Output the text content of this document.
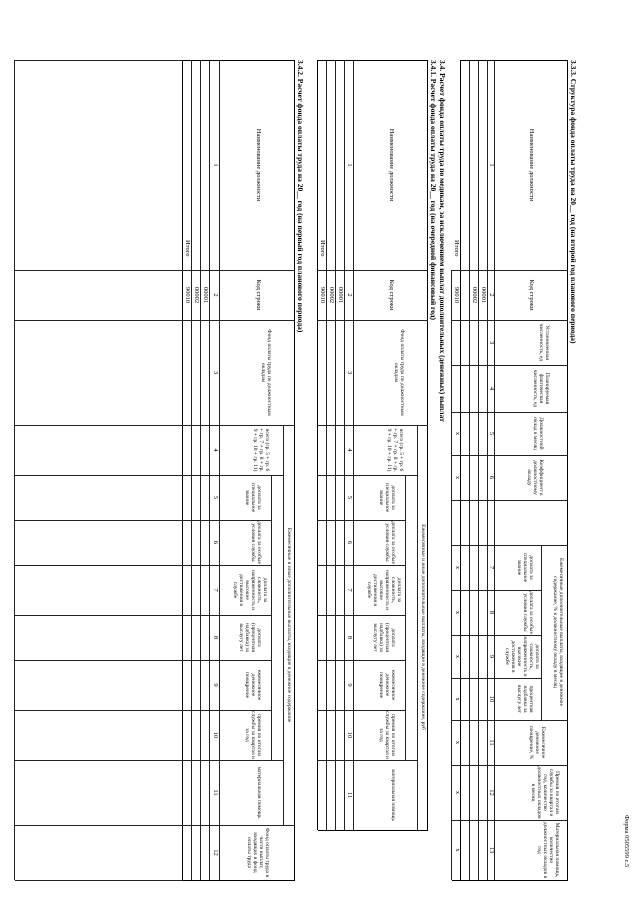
Форма 0505599 с.5
3.3.3. Структура фонда оплаты труда на 20__ год (на второй год планового периода)
Наименование должности
Код строки
Установленная численность, ед
Планируемая фактическая численность, ед
Должностной оклад в месяц
Коэффициент к должностному окладу
Ежемесячные дополнительные выплаты, входящие в денежное содержание, % к должностному окладу в месяц
доплата за специальное звание
доплата за особые условия службы
доплата за сложность, напряженность и высокие достижения в службе
процентная надбавка за выслугу лет
Ежемесячное денежное поощрение, %
Премия по итогам службы за квартал и год, количество должностных окладов в месяц
Материальная помощь, количество должностных окладов в год
1
2
3
4
5
6
7
8
9
10
11
12
13
00001
00002
Итого
90010
x
x
x
x
x
x
x
x
x
3.4. Расчет фонда оплаты труда по медикам, за исключением выплат дополнительных (денежных) выплат
3.4.1. Расчет фонда оплаты труда на 20__ год (на очередной финансовый год)
Наименование должности
Код строки
Фонд оплаты труда по должностным окладам
Ежемесячные и иные дополнительные выплаты, входящие в денежное содержание, руб
всего (гр. 5 + гр. 6 + гр. 7 + гр. 8 + гр. 9 + гр. 10 + гр. 11)
доплата за специальное звание
доплата за особые условия службы
доплата за сложность, напряженность и высокие достижения в службе
доплата (процентная надбавка) за выслугу лет
ежемесячное денежное поощрение
премия по итогам службы за квартал и за год
материальная помощь
1
2
3
4
5
6
7
8
9
10
11
00001
00002
Итого
90010
3.4.2. Расчет фонда оплаты труда на 20__ год (на первый год планового периода)
Наименование должности
Код строки
Фонд оплаты труда по должностным окладам
Ежемесячные и иные дополнительные выплаты, входящие в денежное содержание
всего (гр. 5 + гр. 6 + гр. 7 + гр. 8 + гр. 9 + гр. 10 + гр. 11)
доплата за специальное звание
доплата за особые условия службы
доплата за сложность, напряженность и высокие достижения в службе
доплата (процентная надбавка) за выслугу лет
ежемесячное денежное поощрение
премия по итогам службы за квартал и за год
материальная помощь
Фонд оплаты труда в части выплат, входящих в фонд оплаты труда
1
2
3
4
5
6
7
8
9
10
11
12
00001
00002
Итого
90010
